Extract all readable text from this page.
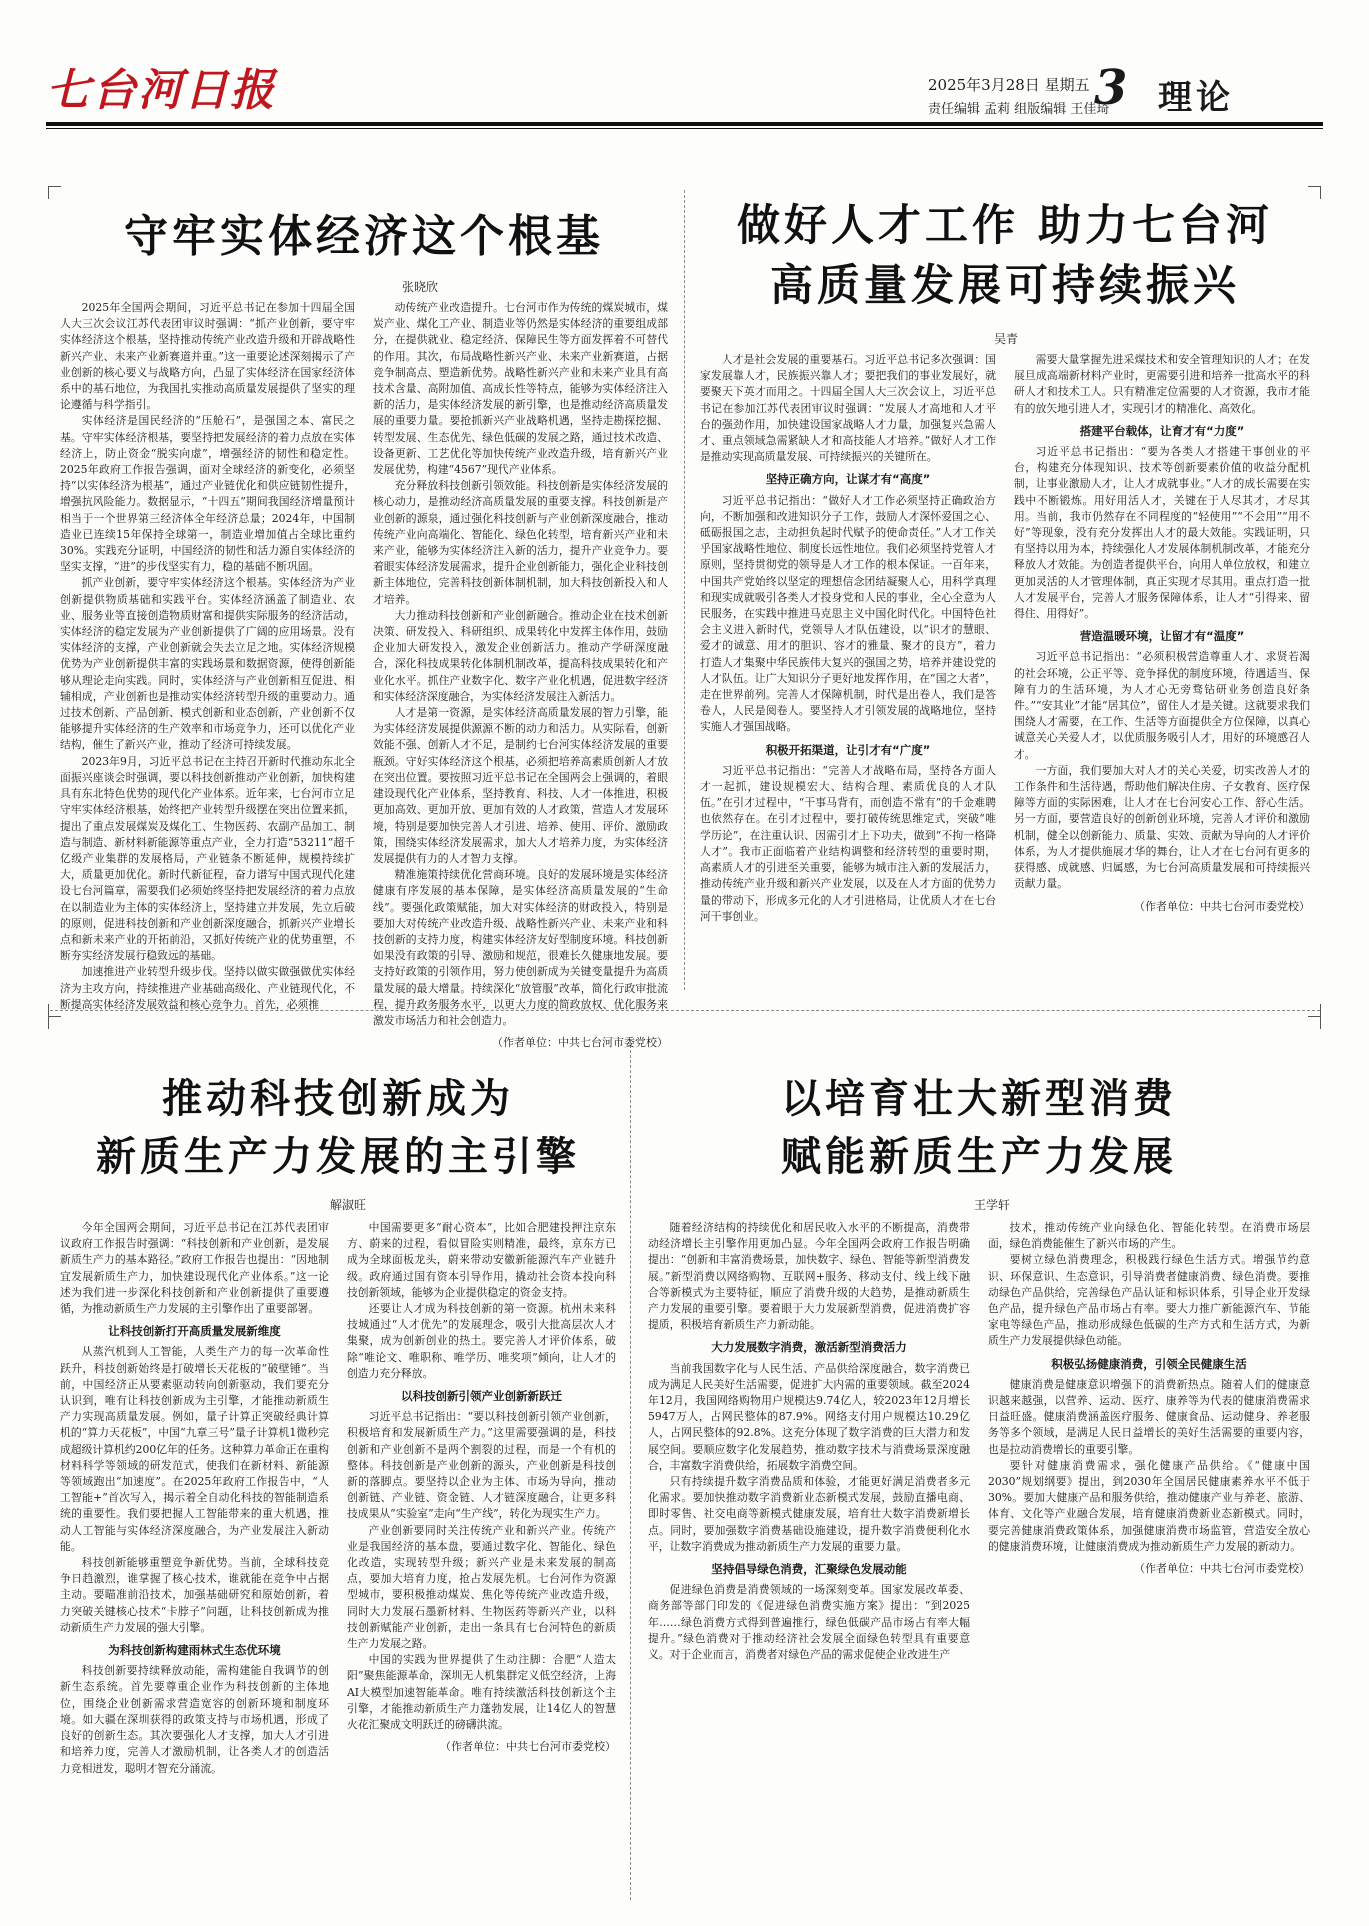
七台河日报	2025年3月28日 星期五
责任编辑 孟莉 组版编辑 王佳琦
3 理论
守牢实体经济这个根基

张晓欣

2025年全国两会期间，习近平总书记在参加十四届全国人大三次会议江苏代表团审议时强调：“抓产业创新，要守牢实体经济这个根基，坚持推动传统产业改造升级和开辟战略性新兴产业、未来产业新赛道并重。”这一重要论述深刻揭示了产业创新的核心要义与战略方向，凸显了实体经济在国家经济体系中的基石地位，为我国扎实推动高质量发展提供了坚实的理论遵循与科学指引。

实体经济是国民经济的“压舱石”，是强国之本、富民之基。守牢实体经济根基，要坚持把发展经济的着力点放在实体经济上，防止资金“脱实向虚”，增强经济的韧性和稳定性。2025年政府工作报告强调，面对全球经济的新变化，必须坚持“以实体经济为根基”，通过产业链优化和供应链韧性提升，增强抗风险能力。数据显示，“十四五”期间我国经济增量预计相当于一个世界第三经济体全年经济总量；2024年，中国制造业已连续15年保持全球第一，制造业增加值占全球比重约30%。实践充分证明，中国经济的韧性和活力源自实体经济的坚实支撑，“进”的步伐坚实有力，稳的基础不断巩固。

抓产业创新，要守牢实体经济这个根基。实体经济为产业创新提供物质基础和实践平台。实体经济涵盖了制造业、农业、服务业等直接创造物质财富和提供实际服务的经济活动，实体经济的稳定发展为产业创新提供了广阔的应用场景。没有实体经济的支撑，产业创新就会失去立足之地。实体经济规模优势为产业创新提供丰富的实践场景和数据资源，使得创新能够从理论走向实践。同时，实体经济与产业创新相互促进、相辅相成，产业创新也是推动实体经济转型升级的重要动力。通过技术创新、产品创新、模式创新和业态创新，产业创新不仅能够提升实体经济的生产效率和市场竞争力，还可以优化产业结构，催生了新兴产业，推动了经济可持续发展。

2023年9月，习近平总书记在主持召开新时代推动东北全面振兴座谈会时强调，要以科技创新推动产业创新，加快构建具有东北特色优势的现代化产业体系。近年来，七台河市立足守牢实体经济根基，始终把产业转型升级摆在突出位置来抓，提出了重点发展煤炭及煤化工、生物医药、农副产品加工、制造与制造、新材料新能源等重点产业，全力打造“53211”超千亿级产业集群的发展格局，产业链条不断延伸，规模持续扩大，质量更加优化。新时代新征程，奋力谱写中国式现代化建设七台河篇章，需要我们必须始终坚持把发展经济的着力点放在以制造业为主体的实体经济上，坚持建立并发展，先立后破的原则，促进科技创新和产业创新深度融合，抓新兴产业增长点和新未来产业的开拓前沿，又抓好传统产业的优势重塑，不断夯实经济发展行稳致远的基础。

加速推进产业转型升级步伐。坚持以做实做强做优实体经济为主攻方向，持续推进产业基础高级化、产业链现代化，不断提高实体经济发展效益和核心竞争力。首先，必须推

动传统产业改造提升。七台河市作为传统的煤炭城市，煤炭产业、煤化工产业、制造业等仍然是实体经济的重要组成部分，在提供就业、稳定经济、保障民生等方面发挥着不可替代的作用。其次，布局战略性新兴产业、未来产业新赛道，占据竞争制高点、塑造新优势。战略性新兴产业和未来产业具有高技术含量、高附加值、高成长性等特点，能够为实体经济注入新的活力，是实体经济发展的新引擎，也是推动经济高质量发展的重要力量。要抢抓新兴产业战略机遇，坚持走勘探挖掘、转型发展、生态优先、绿色低碳的发展之路，通过技术改造、设备更新、工艺优化等加快传统产业改造升级，培育新兴产业发展优势，构建“4567”现代产业体系。

充分释放科技创新引领效能。科技创新是实体经济发展的核心动力，是推动经济高质量发展的重要支撑。科技创新是产业创新的源泉，通过强化科技创新与产业创新深度融合，推动传统产业向高端化、智能化、绿色化转型，培育新兴产业和未来产业，能够为实体经济注入新的活力，提升产业竞争力。要着眼实体经济发展需求，提升企业创新能力，强化企业科技创新主体地位，完善科技创新体制机制，加大科技创新投入和人才培养。

大力推动科技创新和产业创新融合。推动企业在技术创新决策、研发投入、科研组织、成果转化中发挥主体作用，鼓励企业加大研发投入，激发企业创新活力。推动产学研深度融合，深化科技成果转化体制机制改革，提高科技成果转化和产业化水平。抓住产业数字化、数字产业化机遇，促进数字经济和实体经济深度融合，为实体经济发展注入新活力。

人才是第一资源，是实体经济高质量发展的智力引擎，能为实体经济发展提供源源不断的动力和活力。从实际看，创新效能不强、创新人才不足，是制约七台河实体经济发展的重要瓶颈。守好实体经济这个根基，必须把培养高素质创新人才放在突出位置。要按照习近平总书记在全国两会上强调的，着眼建设现代化产业体系，坚持教育、科技、人才一体推进，积极更加高效、更加开放、更加有效的人才政策，营造人才发展环境，特别是要加快完善人才引进、培养、使用、评价、激励政策，围绕实体经济发展需求，加大人才培养力度，为实体经济发展提供有力的人才智力支撑。

精准施策持续优化营商环境。良好的发展环境是实体经济健康有序发展的基本保障，是实体经济高质量发展的“生命线”。要强化政策赋能，加大对实体经济的财政投入，特别是要加大对传统产业改造升级、战略性新兴产业、未来产业和科技创新的支持力度，构建实体经济友好型制度环境。科技创新如果没有政策的引导、激励和规范，很难长久健康地发展。要支持好政策的引领作用，努力使创新成为关键变量提升为高质量发展的最大增量。持续深化“放管服”改革，简化行政审批流程，提升政务服务水平，以更大力度的简政放权、优化服务来激发市场活力和社会创造力。

（作者单位：中共七台河市委党校）

做好人才工作 助力七台河
高质量发展可持续振兴

吴青

人才是社会发展的重要基石。习近平总书记多次强调：国家发展靠人才，民族振兴靠人才；要把我们的事业发展好，就要聚天下英才而用之。十四届全国人大三次会议上，习近平总书记在参加江苏代表团审议时强调：“发展人才高地和人才平台的强劲作用，加快建设国家战略人才力量，加强复兴急需人才、重点领域急需紧缺人才和高技能人才培养。”做好人才工作是推动实现高质量发展、可持续振兴的关键所在。

坚持正确方向，让谋才有“高度”

习近平总书记指出：“做好人才工作必须坚持正确政治方向，不断加强和改进知识分子工作，鼓励人才深怀爱国之心、砥砺报国之志，主动担负起时代赋予的使命责任。”人才工作关乎国家战略性地位、制度长远性地位。我们必须坚持党管人才原则，坚持贯彻党的领导是人才工作的根本保证。一百年来，中国共产党始终以坚定的理想信念团结凝聚人心，用科学真理和现实成就吸引各类人才投身党和人民的事业，全心全意为人民服务，在实践中推进马克思主义中国化时代化。中国特色社会主义进入新时代，党领导人才队伍建设，以“识才的慧眼、爱才的诚意、用才的胆识、容才的雅量、聚才的良方”，着力打造人才集聚中华民族伟大复兴的强国之势，培养并建设党的人才队伍。让广大知识分子更好地发挥作用，在“国之大者”，走在世界前列。完善人才保障机制，时代是出卷人，我们是答卷人，人民是阅卷人。要坚持人才引领发展的战略地位，坚持实施人才强国战略。

积极开拓渠道，让引才有“广度”

习近平总书记指出：“完善人才战略布局，坚持各方面人才一起抓，建设规模宏大、结构合理、素质优良的人才队伍。”在引才过程中，“干事马背有，而创造不常有”的千金难聘也依然存在。在引才过程中，要打破传统思维定式，突破“唯学历论”，在注重认识、因需引才上下功夫，做到“不拘一格降人才”。我市正面临着产业结构调整和经济转型的重要时期，高素质人才的引进至关重要，能够为城市注入新的发展活力，推动传统产业升级和新兴产业发展，以及在人才方面的优势力量的带动下，形成多元化的人才引进格局，让优质人才在七台河干事创业。

需要大量掌握先进采煤技术和安全管理知识的人才；在发展旦成高端新材料产业时，更需要引进和培养一批高水平的科研人才和技术工人。只有精准定位需要的人才资源，我市才能有的放矢地引进人才，实现引才的精准化、高效化。

搭建平台载体，让育才有“力度”

习近平总书记指出：“要为各类人才搭建干事创业的平台，构建充分体现知识、技术等创新要素价值的收益分配机制，让事业激励人才，让人才成就事业。”人才的成长需要在实践中不断锻炼。用好用活人才，关键在于人尽其才，才尽其用。当前，我市仍然存在不同程度的“轻使用”“不会用”“用不好”等现象，没有充分发挥出人才的最大效能。实践证明，只有坚持以用为本，持续强化人才发展体制机制改革，才能充分释放人才效能。为创造者提供平台，向用人单位放权，和建立更加灵活的人才管理体制，真正实现才尽其用。重点打造一批人才发展平台，完善人才服务保障体系，让人才“引得来、留得住、用得好”。

营造温暖环境，让留才有“温度”

习近平总书记指出：“必须积极营造尊重人才、求贤若渴的社会环境，公正平等、竞争择优的制度环境，待遇适当、保障有力的生活环境，为人才心无旁骛钻研业务创造良好条件。”“安其业”才能“居其位”，留住人才是关键。这就要求我们围绕人才需要，在工作、生活等方面提供全方位保障，以真心诚意关心关爱人才，以优质服务吸引人才，用好的环境感召人才。

一方面，我们要加大对人才的关心关爱，切实改善人才的工作条件和生活待遇，帮助他们解决住房、子女教育、医疗保障等方面的实际困难，让人才在七台河安心工作、舒心生活。另一方面，要营造良好的创新创业环境，完善人才评价和激励机制，健全以创新能力、质量、实效、贡献为导向的人才评价体系，为人才提供施展才华的舞台，让人才在七台河有更多的获得感、成就感、归属感，为七台河高质量发展和可持续振兴贡献力量。

（作者单位：中共七台河市委党校）

推动科技创新成为
新质生产力发展的主引擎

解淑旺

今年全国两会期间，习近平总书记在江苏代表团审议政府工作报告时强调：“科技创新和产业创新，是发展新质生产力的基本路径。”政府工作报告也提出：“因地制宜发展新质生产力，加快建设现代化产业体系。”这一论述为我们进一步深化科技创新和产业创新提供了重要遵循，为推动新质生产力发展的主引擎作出了重要部署。

让科技创新打开高质量发展新维度

从蒸汽机到人工智能，人类生产力的每一次革命性跃升，科技创新始终是打破增长天花板的“破壁锤”。当前，中国经济正从要素驱动转向创新驱动，我们要充分认识到，唯有让科技创新成为主引擎，才能推动新质生产力实现高质量发展。例如，量子计算正突破经典计算机的“算力天花板”，中国“九章三号”量子计算机1微秒完成超级计算机约200亿年的任务。这种算力革命正在重构材料科学等领域的研发范式，使我们在新材料、新能源等领域跑出“加速度”。在2025年政府工作报告中，“人工智能+”首次写入，揭示着全自动化科技的智能制造系统的重要性。我们要把握人工智能带来的重大机遇，推动人工智能与实体经济深度融合，为产业发展注入新动能。

科技创新能够重塑竞争新优势。当前，全球科技竞争日趋激烈，谁掌握了核心技术，谁就能在竞争中占据主动。要瞄准前沿技术，加强基础研究和原始创新，着力突破关键核心技术“卡脖子”问题，让科技创新成为推动新质生产力发展的强大引擎。

为科技创新构建雨林式生态优环境

科技创新要持续释放动能，需构建能自我调节的创新生态系统。首先要尊重企业作为科技创新的主体地位，围绕企业创新需求营造宽容的创新环境和制度环境。如大疆在深圳获得的政策支持与市场机遇，形成了良好的创新生态。其次要强化人才支撑，加大人才引进和培养力度，完善人才激励机制，让各类人才的创造活力竞相迸发，聪明才智充分涌流。

中国需要更多“耐心资本”，比如合肥建投押注京东方、蔚来的过程，看似冒险实则精准，最终，京东方已成为全球面板龙头，蔚来带动安徽新能源汽车产业链升级。政府通过国有资本引导作用，撬动社会资本投向科技创新领域，能够为企业提供稳定的资金支持。

还要让人才成为科技创新的第一资源。杭州未来科技城通过“人才优先”的发展理念，吸引大批高层次人才集聚，成为创新创业的热土。要完善人才评价体系，破除“唯论文、唯职称、唯学历、唯奖项”倾向，让人才的创造力充分释放。

以科技创新引领产业创新新跃迁

习近平总书记指出：“要以科技创新引领产业创新，积极培育和发展新质生产力。”这里需要强调的是，科技创新和产业创新不是两个割裂的过程，而是一个有机的整体。科技创新是产业创新的源头，产业创新是科技创新的落脚点。要坚持以企业为主体、市场为导向，推动创新链、产业链、资金链、人才链深度融合，让更多科技成果从“实验室”走向“生产线”，转化为现实生产力。

产业创新要同时关注传统产业和新兴产业。传统产业是我国经济的基本盘，要通过数字化、智能化、绿色化改造，实现转型升级；新兴产业是未来发展的制高点，要加大培育力度，抢占发展先机。七台河作为资源型城市，要积极推动煤炭、焦化等传统产业改造升级，同时大力发展石墨新材料、生物医药等新兴产业，以科技创新赋能产业创新，走出一条具有七台河特色的新质生产力发展之路。

中国的实践为世界提供了生动注脚：合肥“人造太阳”聚焦能源革命，深圳无人机集群定义低空经济，上海AI大模型加速智能革命。唯有持续激活科技创新这个主引擎，才能推动新质生产力蓬勃发展，让14亿人的智慧火花汇聚成文明跃迁的磅礴洪流。

（作者单位：中共七台河市委党校）

以培育壮大新型消费
赋能新质生产力发展

王学轩

随着经济结构的持续优化和居民收入水平的不断提高，消费带动经济增长主引擎作用更加凸显。今年全国两会政府工作报告明确提出：“创新和丰富消费场景，加快数字、绿色、智能等新型消费发展。”新型消费以网络购物、互联网+服务、移动支付、线上线下融合等新模式为主要特征，顺应了消费升级的大趋势，是推动新质生产力发展的重要引擎。要着眼于大力发展新型消费，促进消费扩容提质，积极培育新质生产力新动能。

大力发展数字消费，激活新型消费活力

当前我国数字化与人民生活、产品供给深度融合，数字消费已成为满足人民美好生活需要，促进扩大内需的重要领域。截至2024年12月，我国网络购物用户规模达9.74亿人，较2023年12月增长5947万人，占网民整体的87.9%。网络支付用户规模达10.29亿人，占网民整体的92.8%。这充分体现了数字消费的巨大潜力和发展空间。要顺应数字化发展趋势，推动数字技术与消费场景深度融合，丰富数字消费供给，拓展数字消费空间。

只有持续提升数字消费品质和体验，才能更好满足消费者多元化需求。要加快推动数字消费新业态新模式发展，鼓励直播电商、即时零售、社交电商等新模式健康发展，培育壮大数字消费新增长点。同时，要加强数字消费基础设施建设，提升数字消费便利化水平，让数字消费成为推动新质生产力发展的重要力量。

坚持倡导绿色消费，汇聚绿色发展动能

促进绿色消费是消费领域的一场深刻变革。国家发展改革委、商务部等部门印发的《促进绿色消费实施方案》提出：“到2025年……绿色消费方式得到普遍推行，绿色低碳产品市场占有率大幅提升。”绿色消费对于推动经济社会发展全面绿色转型具有重要意义。对于企业而言，消费者对绿色产品的需求促使企业改进生产

技术，推动传统产业向绿色化、智能化转型。在消费市场层面，绿色消费能催生了新兴市场的产生。

要树立绿色消费理念，积极践行绿色生活方式。增强节约意识、环保意识、生态意识，引导消费者健康消费、绿色消费。要推动绿色产品供给，完善绿色产品认证和标识体系，引导企业开发绿色产品，提升绿色产品市场占有率。要大力推广新能源汽车、节能家电等绿色产品，推动形成绿色低碳的生产方式和生活方式，为新质生产力发展提供绿色动能。

积极弘扬健康消费，引领全民健康生活

健康消费是健康意识增强下的消费新热点。随着人们的健康意识越来越强，以营养、运动、医疗、康养等为代表的健康消费需求日益旺盛。健康消费涵盖医疗服务、健康食品、运动健身、养老服务等多个领域，是满足人民日益增长的美好生活需要的重要内容，也是拉动消费增长的重要引擎。

要针对健康消费需求，强化健康产品供给。《“健康中国2030”规划纲要》提出，到2030年全国居民健康素养水平不低于30%。要加大健康产品和服务供给，推动健康产业与养老、旅游、体育、文化等产业融合发展，培育健康消费新业态新模式。同时，要完善健康消费政策体系，加强健康消费市场监管，营造安全放心的健康消费环境，让健康消费成为推动新质生产力发展的新动力。

（作者单位：中共七台河市委党校）
